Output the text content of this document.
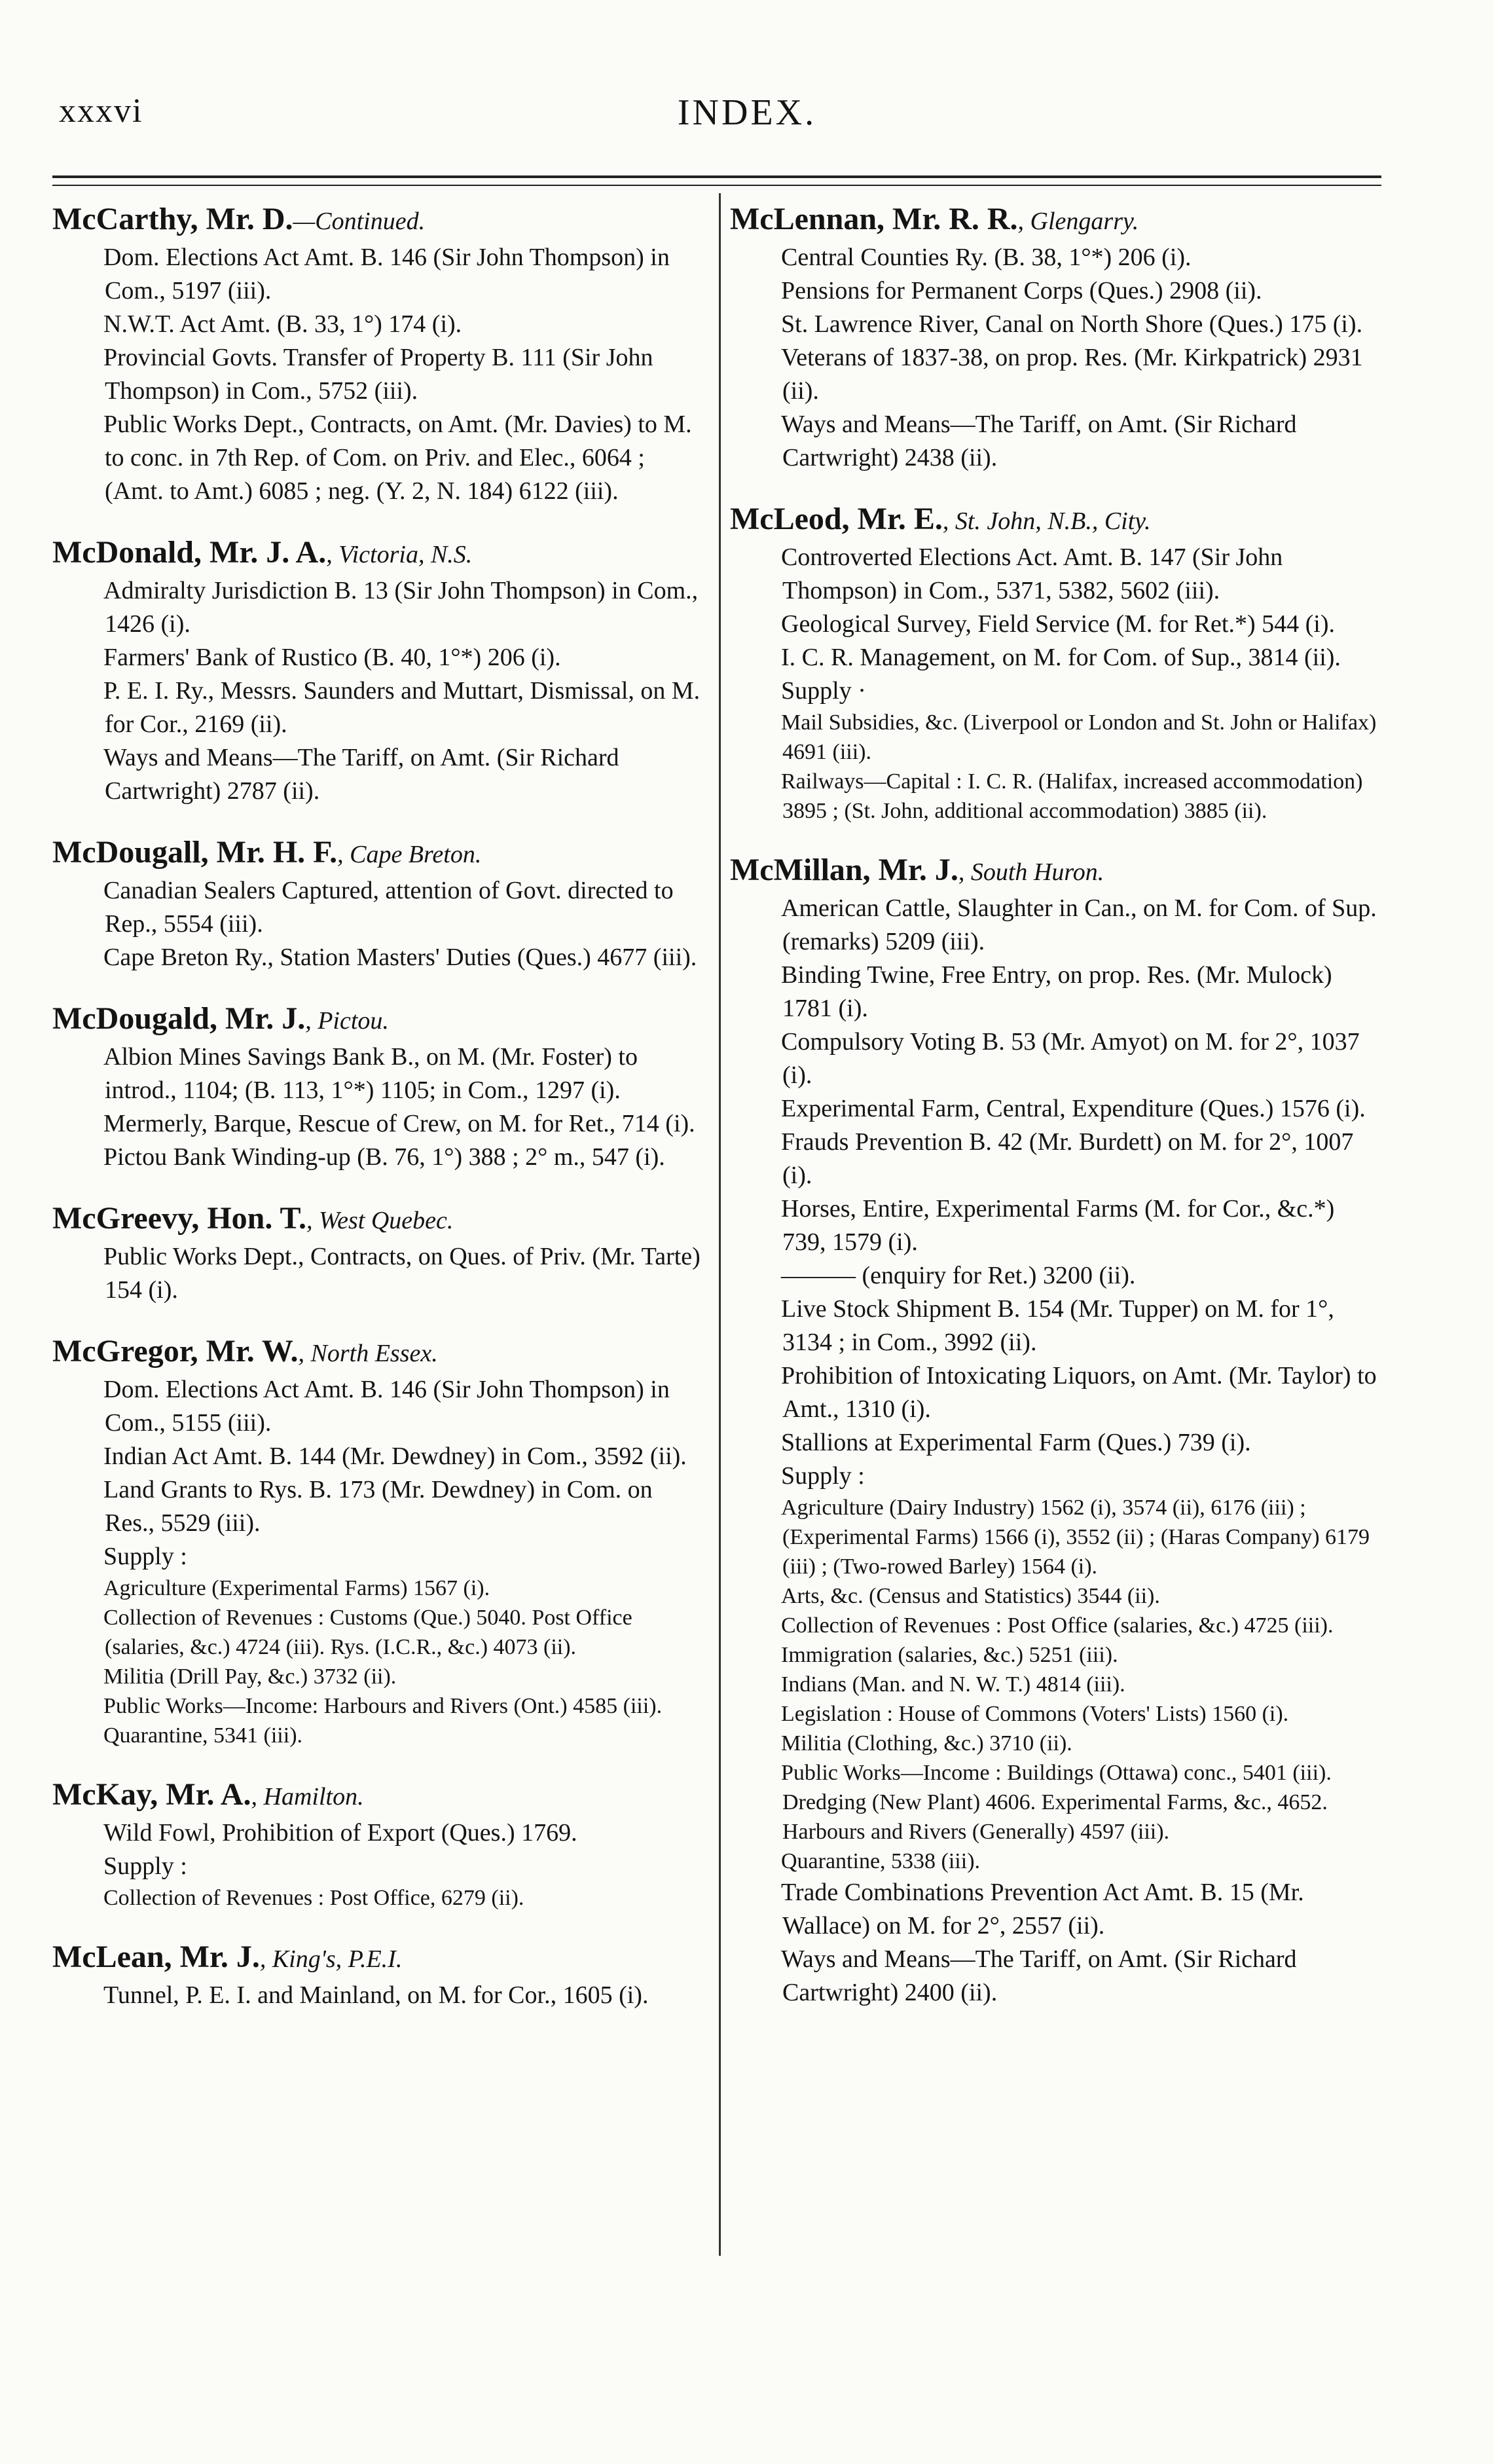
xxxvi	INDEX.
McCarthy, Mr. D.—Continued.
Dom. Elections Act Amt. B. 146 (Sir John Thompson) in Com., 5197 (iii).
N.W.T. Act Amt. (B. 33, 1°) 174 (i).
Provincial Govts. Transfer of Property B. 111 (Sir John Thompson) in Com., 5752 (iii).
Public Works Dept., Contracts, on Amt. (Mr. Davies) to M. to conc. in 7th Rep. of Com. on Priv. and Elec., 6064 ; (Amt. to Amt.) 6085 ; neg. (Y. 2, N. 184) 6122 (iii).
McDonald, Mr. J. A., Victoria, N.S.
Admiralty Jurisdiction B. 13 (Sir John Thompson) in Com., 1426 (i).
Farmers' Bank of Rustico (B. 40, 1°*) 206 (i).
P. E. I. Ry., Messrs. Saunders and Muttart, Dismissal, on M. for Cor., 2169 (ii).
Ways and Means—The Tariff, on Amt. (Sir Richard Cartwright) 2787 (ii).
McDougall, Mr. H. F., Cape Breton.
Canadian Sealers Captured, attention of Govt. directed to Rep., 5554 (iii).
Cape Breton Ry., Station Masters' Duties (Ques.) 4677 (iii).
McDougald, Mr. J., Pictou.
Albion Mines Savings Bank B., on M. (Mr. Foster) to introd., 1104; (B. 113, 1°*) 1105; in Com., 1297 (i).
Mermerly, Barque, Rescue of Crew, on M. for Ret., 714 (i).
Pictou Bank Winding-up (B. 76, 1°) 388 ; 2° m., 547 (i).
McGreevy, Hon. T., West Quebec.
Public Works Dept., Contracts, on Ques. of Priv. (Mr. Tarte) 154 (i).
McGregor, Mr. W., North Essex.
Dom. Elections Act Amt. B. 146 (Sir John Thompson) in Com., 5155 (iii).
Indian Act Amt. B. 144 (Mr. Dewdney) in Com., 3592 (ii).
Land Grants to Rys. B. 173 (Mr. Dewdney) in Com. on Res., 5529 (iii).
Supply :
Agriculture (Experimental Farms) 1567 (i).
Collection of Revenues : Customs (Que.) 5040. Post Office (salaries, &c.) 4724 (iii). Rys. (I.C.R., &c.) 4073 (ii).
Militia (Drill Pay, &c.) 3732 (ii).
Public Works—Income: Harbours and Rivers (Ont.) 4585 (iii).
Quarantine, 5341 (iii).
McKay, Mr. A., Hamilton.
Wild Fowl, Prohibition of Export (Ques.) 1769.
Supply :
Collection of Revenues : Post Office, 6279 (ii).
McLean, Mr. J., King's, P.E.I.
Tunnel, P. E. I. and Mainland, on M. for Cor., 1605 (i).
McLennan, Mr. R. R., Glengarry.
Central Counties Ry. (B. 38, 1°*) 206 (i).
Pensions for Permanent Corps (Ques.) 2908 (ii).
St. Lawrence River, Canal on North Shore (Ques.) 175 (i).
Veterans of 1837-38, on prop. Res. (Mr. Kirkpatrick) 2931 (ii).
Ways and Means—The Tariff, on Amt. (Sir Richard Cartwright) 2438 (ii).
McLeod, Mr. E., St. John, N.B., City.
Controverted Elections Act. Amt. B. 147 (Sir John Thompson) in Com., 5371, 5382, 5602 (iii).
Geological Survey, Field Service (M. for Ret.*) 544 (i).
I. C. R. Management, on M. for Com. of Sup., 3814 (ii).
Supply ·
Mail Subsidies, &c. (Liverpool or London and St. John or Halifax) 4691 (iii).
Railways—Capital : I. C. R. (Halifax, increased accommodation) 3895 ; (St. John, additional accommodation) 3885 (ii).
McMillan, Mr. J., South Huron.
American Cattle, Slaughter in Can., on M. for Com. of Sup. (remarks) 5209 (iii).
Binding Twine, Free Entry, on prop. Res. (Mr. Mulock) 1781 (i).
Compulsory Voting B. 53 (Mr. Amyot) on M. for 2°, 1037 (i).
Experimental Farm, Central, Expenditure (Ques.) 1576 (i).
Frauds Prevention B. 42 (Mr. Burdett) on M. for 2°, 1007 (i).
Horses, Entire, Experimental Farms (M. for Cor., &c.*) 739, 1579 (i).
——— (enquiry for Ret.) 3200 (ii).
Live Stock Shipment B. 154 (Mr. Tupper) on M. for 1°, 3134 ; in Com., 3992 (ii).
Prohibition of Intoxicating Liquors, on Amt. (Mr. Taylor) to Amt., 1310 (i).
Stallions at Experimental Farm (Ques.) 739 (i).
Supply :
Agriculture (Dairy Industry) 1562 (i), 3574 (ii), 6176 (iii) ; (Experimental Farms) 1566 (i), 3552 (ii) ; (Haras Company) 6179 (iii) ; (Two-rowed Barley) 1564 (i).
Arts, &c. (Census and Statistics) 3544 (ii).
Collection of Revenues : Post Office (salaries, &c.) 4725 (iii).
Immigration (salaries, &c.) 5251 (iii).
Indians (Man. and N. W. T.) 4814 (iii).
Legislation : House of Commons (Voters' Lists) 1560 (i).
Militia (Clothing, &c.) 3710 (ii).
Public Works—Income : Buildings (Ottawa) conc., 5401 (iii). Dredging (New Plant) 4606. Experimental Farms, &c., 4652. Harbours and Rivers (Generally) 4597 (iii).
Quarantine, 5338 (iii).
Trade Combinations Prevention Act Amt. B. 15 (Mr. Wallace) on M. for 2°, 2557 (ii).
Ways and Means—The Tariff, on Amt. (Sir Richard Cartwright) 2400 (ii).
